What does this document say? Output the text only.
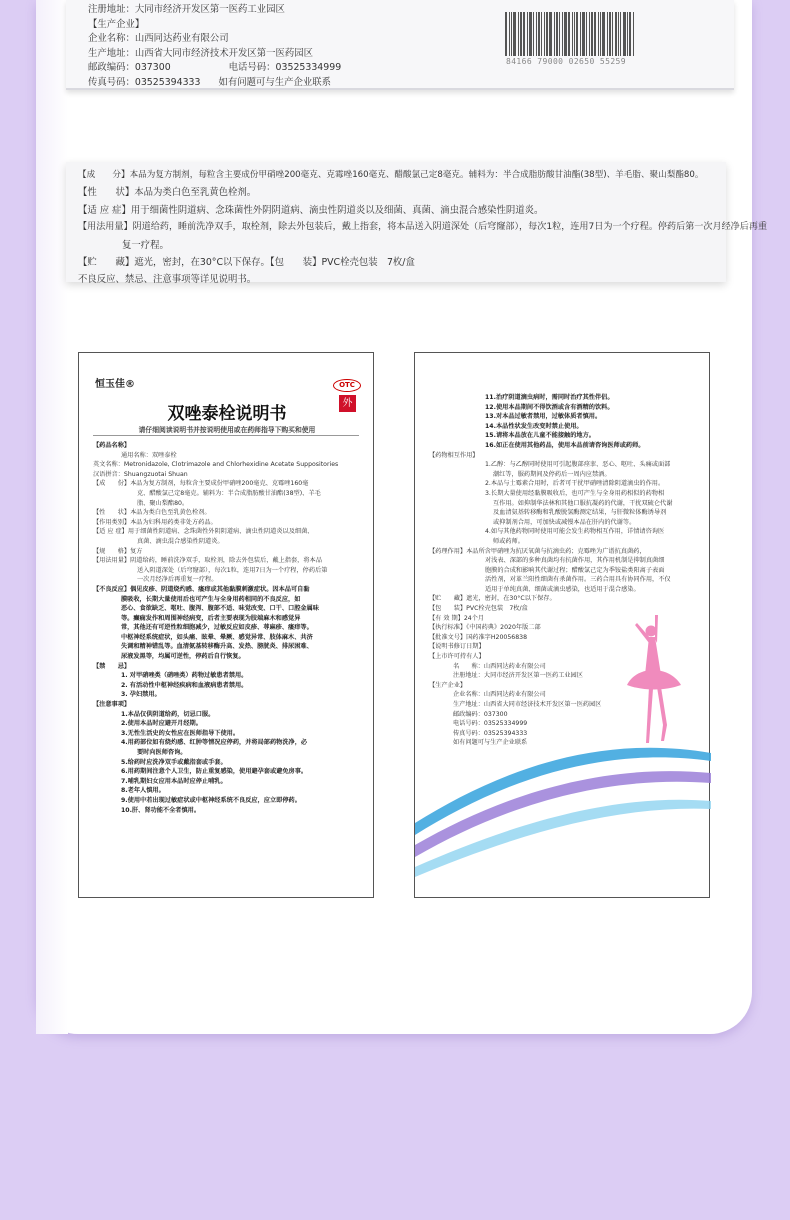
注册地址：大同市经济开发区第一医药工业园区
【生产企业】
企业名称：山西同达药业有限公司
生产地址：山西省大同市经济技术开发区第一医药园区
邮政编码：037300	电话号码：03525334999
传真号码：03525394333 如有问题可与生产企业联系
84166 79000 02650 55259
【成　　分】本品为复方制剂，每粒含主要成份甲硝唑200毫克、克霉唑160毫克、醋酸氯己定8毫克。辅料为：半合成脂肪酸甘油酯(38型)、羊毛脂、聚山梨酯80。
【性　　状】本品为类白色至乳黄色栓剂。
【适 应 症】用于细菌性阴道病、念珠菌性外阴阴道病、滴虫性阴道炎以及细菌、真菌、滴虫混合感染性阴道炎。
【用法用量】阴道给药，睡前洗净双手，取栓剂，除去外包装后，戴上指套，将本品送入阴道深处（后穹窿部），每次1粒，连用7日为一个疗程。停药后第一次月经净后再重
复一疗程。
【贮　　藏】遮光，密封，在30°C以下保存。【包　　装】PVC栓壳包装　7枚/盒
不良反应、禁忌、注意事项等详见说明书。
恒玉佳®	OTC
外
双唑泰栓说明书
请仔细阅读说明书并按说明使用或在药师指导下购买和使用
【药品名称】
通用名称：双唑泰栓
英文名称：Metronidazole, Clotrimazole and Chlorhexidine Acetate Suppositories
汉语拼音：Shuangzuotai Shuan
【成　　份】本品为复方制剂，每粒含主要成份甲硝唑200毫克、克霉唑160毫
克、醋酸氯己定8毫克。辅料为：半合成脂肪酸甘油酯(38型)、羊毛
脂、聚山梨酯80。
【性　　状】本品为类白色至乳黄色栓剂。
【作用类别】本品为妇科用药类非处方药品。
【适 应 症】用于细菌性阴道病、念珠菌性外阴阴道病、滴虫性阴道炎以及细菌、
真菌、滴虫混合感染性阴道炎。
【规　　格】复方
【用法用量】阴道给药，睡前洗净双手，取栓剂，除去外包装后，戴上指套，将本品
送入阴道深处（后穹窿部），每次1粒，连用7日为一个疗程，停药后第
一次月经净后再重复一疗程。
【不良反应】偶见皮疹、阴道烧灼感、瘙痒或其他黏膜刺激症状。因本品可自黏
膜吸收，长期大量使用后也可产生与全身用药相同的不良反应，如
恶心、食欲缺乏、呕吐、腹泻、腹部不适、味觉改变、口干、口腔金属味
等。癫痫发作和周围神经病变，后者主要表现为肢端麻木和感觉异
常，其他还有可逆性粒细胞减少，过敏反应如皮疹、荨麻疹、瘙痒等。
中枢神经系统症状，如头痛、眩晕、晕厥、感觉异常、肢体麻木、共济
失调和精神错乱等。血清氨基转移酶升高、发热、膀胱炎、排尿困难、
尿液发黑等，均属可逆性，停药后自行恢复。
【禁　　忌】
1. 对甲硝唑类（硝唑类）药物过敏患者禁用。
2. 有活动性中枢神经疾病和血液病患者禁用。
3. 孕妇禁用。
【注意事项】
1.本品仅供阴道给药，切忌口服。
2.使用本品时应避开月经期。
3.无性生活史的女性应在医师指导下使用。
4.用药部位如有烧灼感、红肿等情况应停药，并将局部药物洗净，必
要时向医师咨询。
5.给药时应洗净双手或戴指套或手套。
6.用药期间注意个人卫生，防止重复感染，使用避孕套或避免房事。
7.哺乳期妇女应用本品时应停止哺乳。
8.老年人慎用。
9.使用中若出现过敏症状或中枢神经系统不良反应，应立即停药。
10.肝、肾功能不全者慎用。
11.治疗阴道滴虫病时，需同时治疗其性伴侣。
12.使用本品期间不得饮酒或含有酒精的饮料。
13.对本品过敏者禁用，过敏体质者慎用。
14.本品性状发生改变时禁止使用。
15.请将本品放在儿童不能接触的地方。
16.如正在使用其他药品，使用本品前请咨询医师或药师。
【药物相互作用】
1.乙醇：与乙醇同时使用可引起腹部痉挛、恶心、呕吐、头痛或面部
潮红等，服药期间及停药后一周内应禁酒。
2.本品与土霉素合用时，后者可干扰甲硝唑清除阴道滴虫的作用。
3.长期大量使用经黏膜吸收后，也可产生与全身用药相似的药物相
互作用。如抑制华法林和其他口服抗凝药的代谢，干扰双硫仑代谢
及血清氨基转移酶和乳酸脱氢酶测定结果，与肝微粒体酶诱导剂
或抑制剂合用，可加快或减慢本品在肝内的代谢等。
4.如与其他药物同时使用可能会发生药物相互作用，详情请咨询医
师或药师。
【药理作用】本品所含甲硝唑为抗厌氧菌与抗滴虫药；克霉唑为广谱抗真菌药，
对浅表、深部的多种真菌均有抗菌作用，其作用机制是抑制真菌细
胞膜的合成和影响其代谢过程；醋酸氯己定为季铵盐类阳离子表面
活性剂，对革兰阳性细菌有杀菌作用。三药合用具有协同作用，不仅
适用于单纯真菌、细菌或滴虫感染，也适用于混合感染。
【贮　　藏】遮光，密封，在30°C以下保存。
【包　　装】PVC栓壳包装　7枚/盒
【有 效 期】24个月
【执行标准】《中国药典》2020年版二部
【批准文号】国药准字H20056838
【说明书修订日期】
【上市许可持有人】
名　　称：山西同达药业有限公司
注册地址：大同市经济开发区第一医药工业园区
【生产企业】
企业名称：山西同达药业有限公司
生产地址：山西省大同市经济技术开发区第一医药园区
邮政编码：037300
电话号码：03525334999
传真号码：03525394333
如有问题可与生产企业联系
